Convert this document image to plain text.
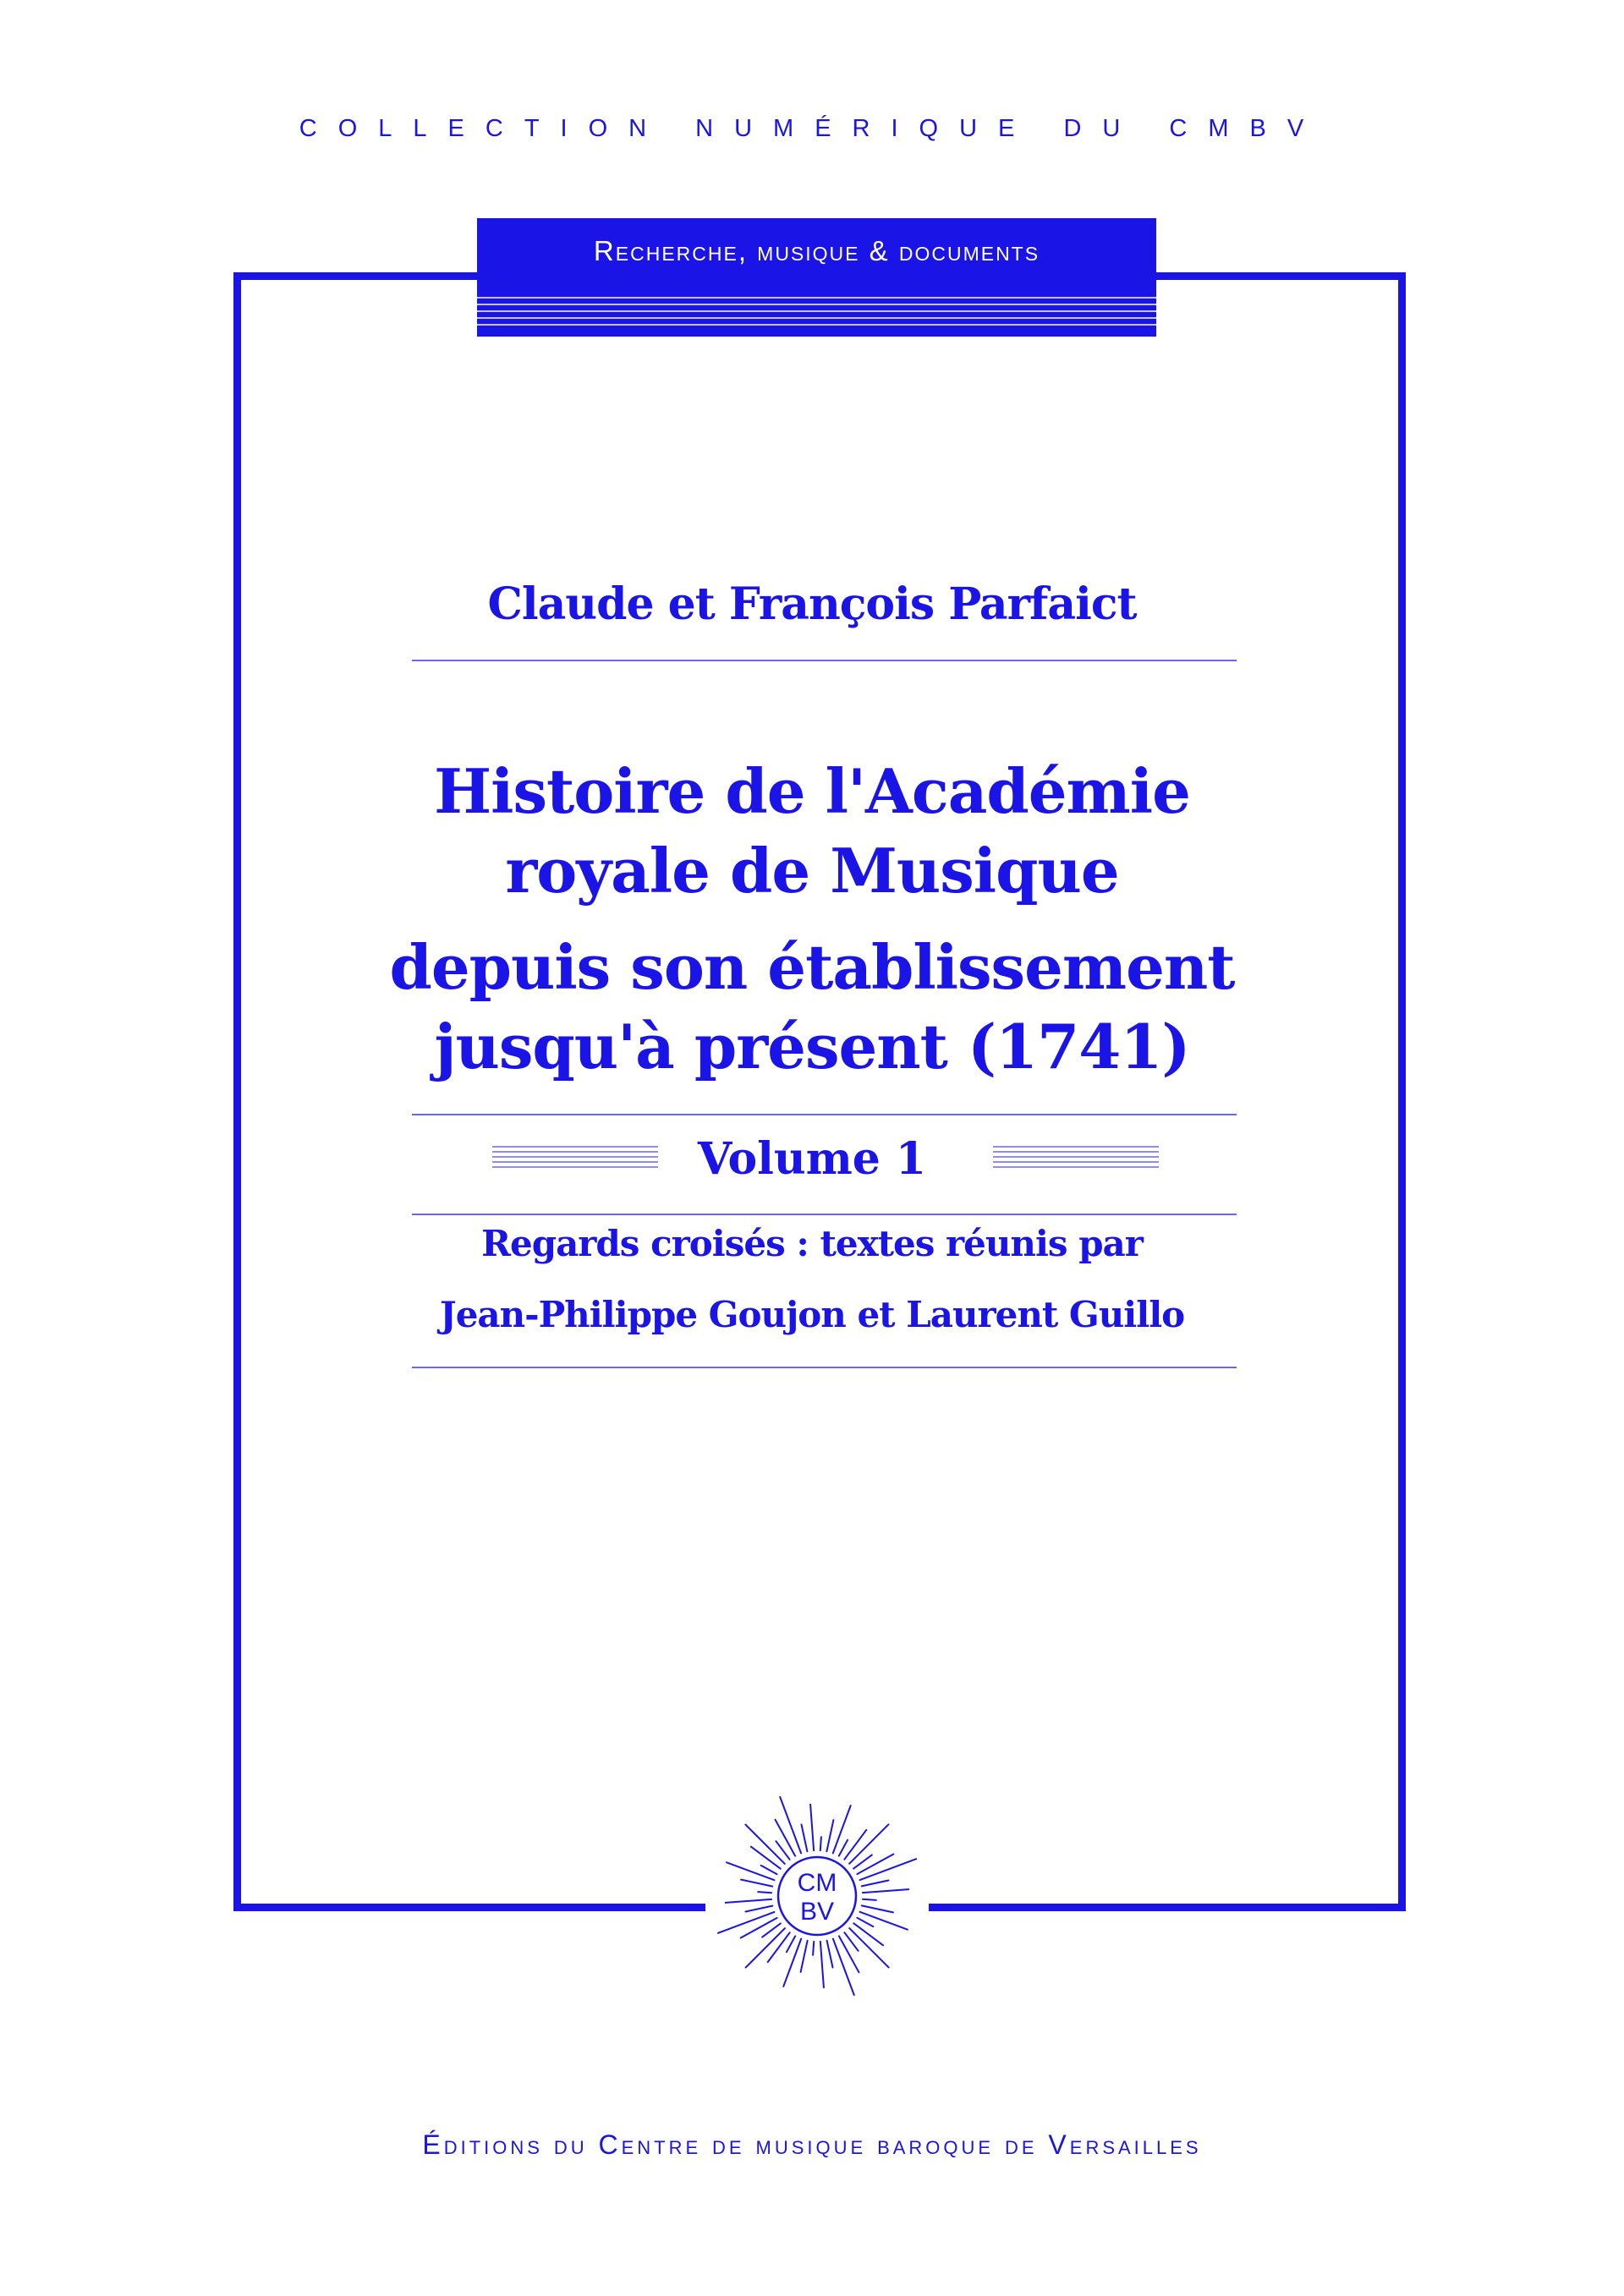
COLLECTION NUMÉRIQUE DU CMBV
Recherche, musique & documents
Claude et François Parfaict
Histoire de l'Académie
royale de Musique
depuis son établissement
jusqu'à présent (1741)
Volume 1
Regards croisés : textes réunis par
Jean-Philippe Goujon et Laurent Guillo
CM
BV
Éditions du Centre de musique baroque de Versailles
